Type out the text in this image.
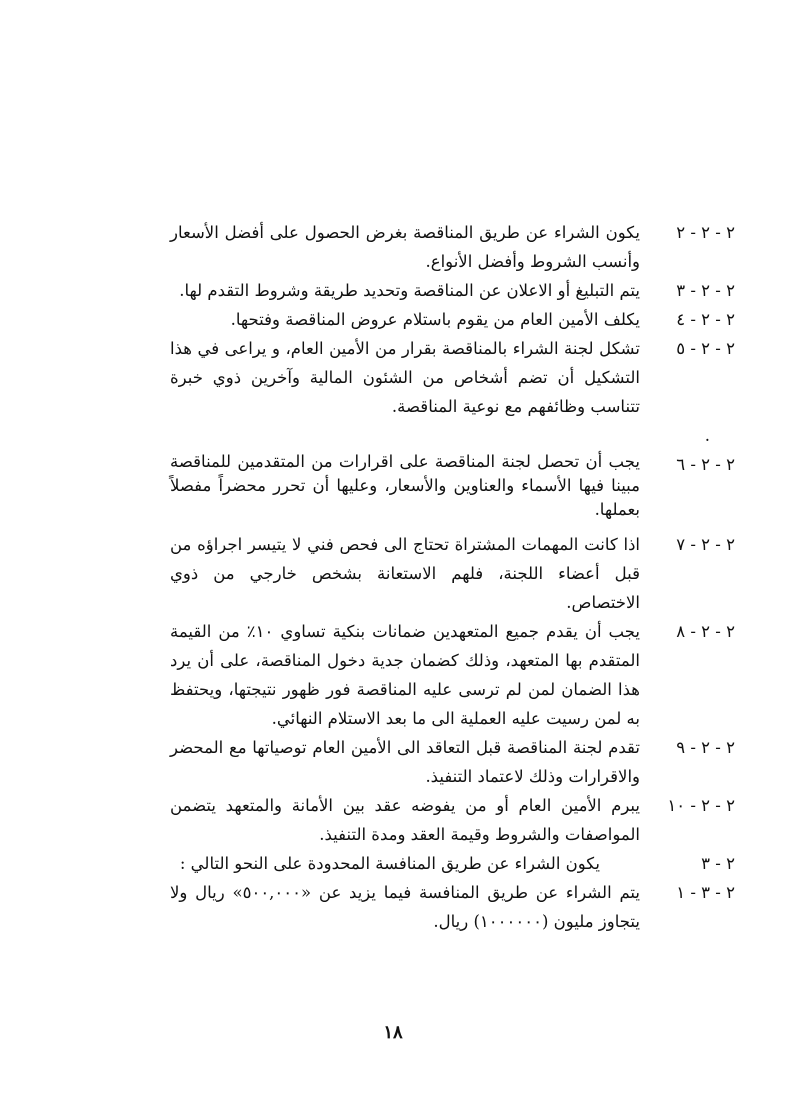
٢ - ٢ - ٢

يكون الشراء عن طريق المناقصة بغرض الحصول على أفضل الأسعار وأنسب الشروط وأفضل الأنواع.

٢ - ٢ - ٣

يتم التبليغ أو الاعلان عن المناقصة وتحديد طريقة وشروط التقدم لها.

٢ - ٢ - ٤

يكلف الأمين العام من يقوم باستلام عروض المناقصة وفتحها.

٢ - ٢ - ٥

تشكل لجنة الشراء بالمناقصة بقرار من الأمين العام، و يراعى في هذا التشكيل أن تضم أشخاص من الشئون المالية وآخرين ذوي خبرة تتناسب وظائفهم مع نوعية المناقصة.

.
٢ - ٢ - ٦

يجب أن تحصل لجنة المناقصة على اقرارات من المتقدمين للمناقصة مبينا فيها الأسماء والعناوين والأسعار، وعليها أن تحرر محضراً مفصلاً بعملها.

٢ - ٢ - ٧

اذا كانت المهمات المشتراة تحتاج الى فحص فني لا يتيسر اجراؤه من قبل أعضاء اللجنة، فلهم الاستعانة بشخص خارجي من ذوي الاختصاص.

٢ - ٢ - ٨

يجب أن يقدم جميع المتعهدين ضمانات بنكية تساوي ١٠٪ من القيمة المتقدم بها المتعهد، وذلك كضمان جدية دخول المناقصة، على أن يرد هذا الضمان لمن لم ترسى عليه المناقصة فور ظهور نتيجتها، ويحتفظ به لمن رسيت عليه العملية الى ما بعد الاستلام النهائي.

٢ - ٢ - ٩

تقدم لجنة المناقصة قبل التعاقد الى الأمين العام توصياتها مع المحضر والاقرارات وذلك لاعتماد التنفيذ.

٢ - ٢ - ١٠

يبرم الأمين العام أو من يفوضه عقد بين الأمانة والمتعهد يتضمن المواصفات والشروط وقيمة العقد ومدة التنفيذ.

٢ - ٣

يكون الشراء عن طريق المنافسة المحدودة على النحو التالي :

٢ - ٣ - ١

يتم الشراء عن طريق المنافسة فيما يزيد عن «٥٠٠,٠٠٠» ريال ولا يتجاوز مليون (١٠٠٠٠٠٠) ريال.

١٨
